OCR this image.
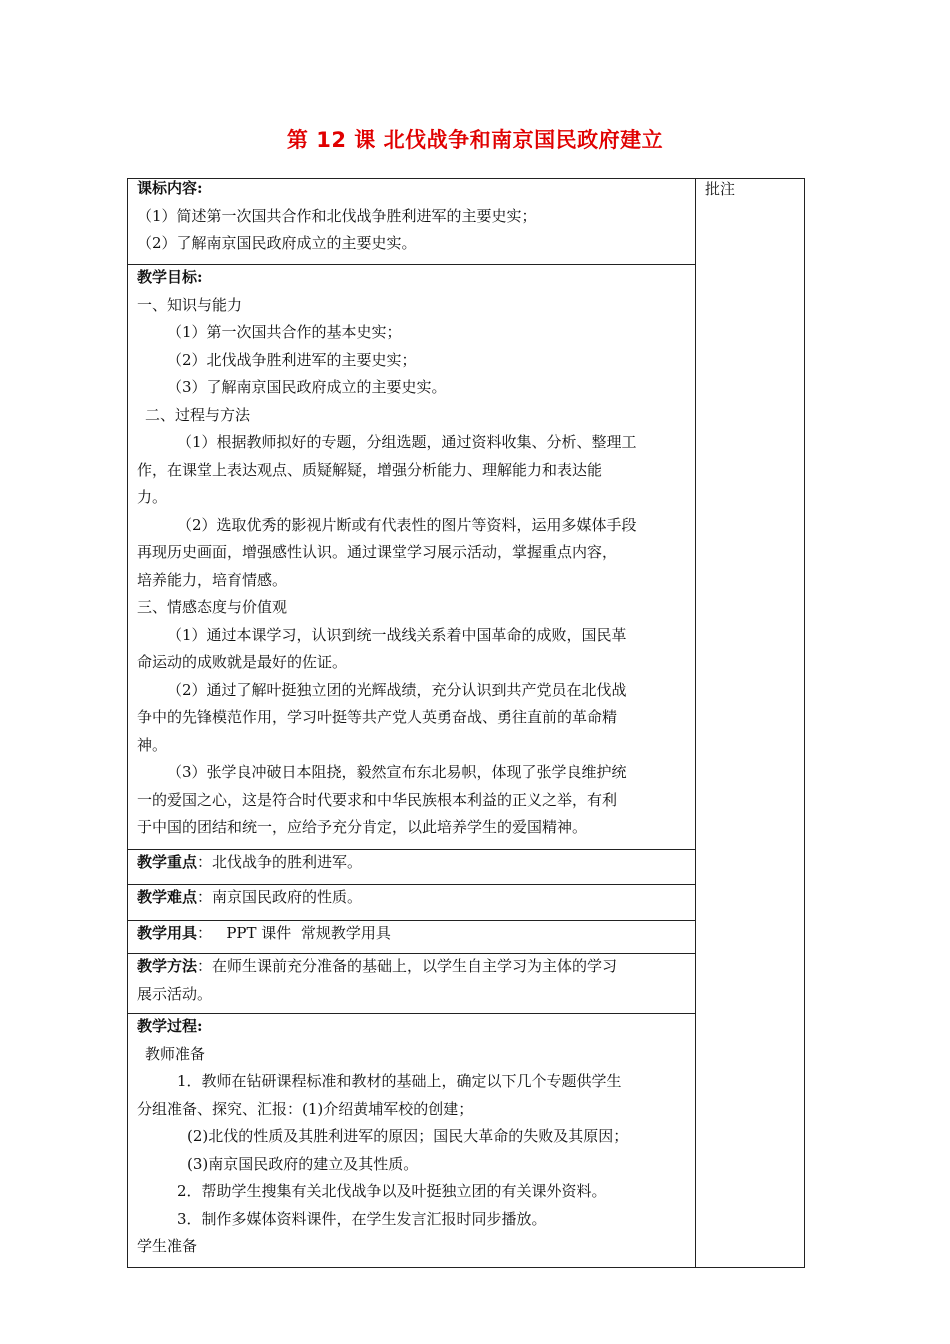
第 12 课 北伐战争和南京国民政府建立
批注
课标内容:
（1）简述第一次国共合作和北伐战争胜利进军的主要史实；
（2）了解南京国民政府成立的主要史实。
教学目标:
一、知识与能力
（1）第一次国共合作的基本史实；
（2）北伐战争胜利进军的主要史实；
（3）了解南京国民政府成立的主要史实。
二、过程与方法
（1）根据教师拟好的专题，分组选题，通过资料收集、分析、整理工
作，在课堂上表达观点、质疑解疑，增强分析能力、理解能力和表达能
力。
（2）选取优秀的影视片断或有代表性的图片等资料，运用多媒体手段
再现历史画面，增强感性认识。通过课堂学习展示活动，掌握重点内容，
培养能力，培育情感。
三、情感态度与价值观
（1）通过本课学习，认识到统一战线关系着中国革命的成败，国民革
命运动的成败就是最好的佐证。
（2）通过了解叶挺独立团的光辉战绩，充分认识到共产党员在北伐战
争中的先锋模范作用，学习叶挺等共产党人英勇奋战、勇往直前的革命精
神。
（3）张学良冲破日本阻挠，毅然宣布东北易帜，体现了张学良维护统
一的爱国之心，这是符合时代要求和中华民族根本利益的正义之举，有利
于中国的团结和统一，应给予充分肯定，以此培养学生的爱国精神。
教学重点：北伐战争的胜利进军。
教学难点：南京国民政府的性质。
教学用具：   PPT 课件  常规教学用具
教学方法：在师生课前充分准备的基础上，以学生自主学习为主体的学习
展示活动。
教学过程:
教师准备
1．教师在钻研课程标准和教材的基础上，确定以下几个专题供学生
分组准备、探究、汇报：(1)介绍黄埔军校的创建；
(2)北伐的性质及其胜利进军的原因；国民大革命的失败及其原因；
(3)南京国民政府的建立及其性质。
2．帮助学生搜集有关北伐战争以及叶挺独立团的有关课外资料。
3．制作多媒体资料课件，在学生发言汇报时同步播放。
学生准备
